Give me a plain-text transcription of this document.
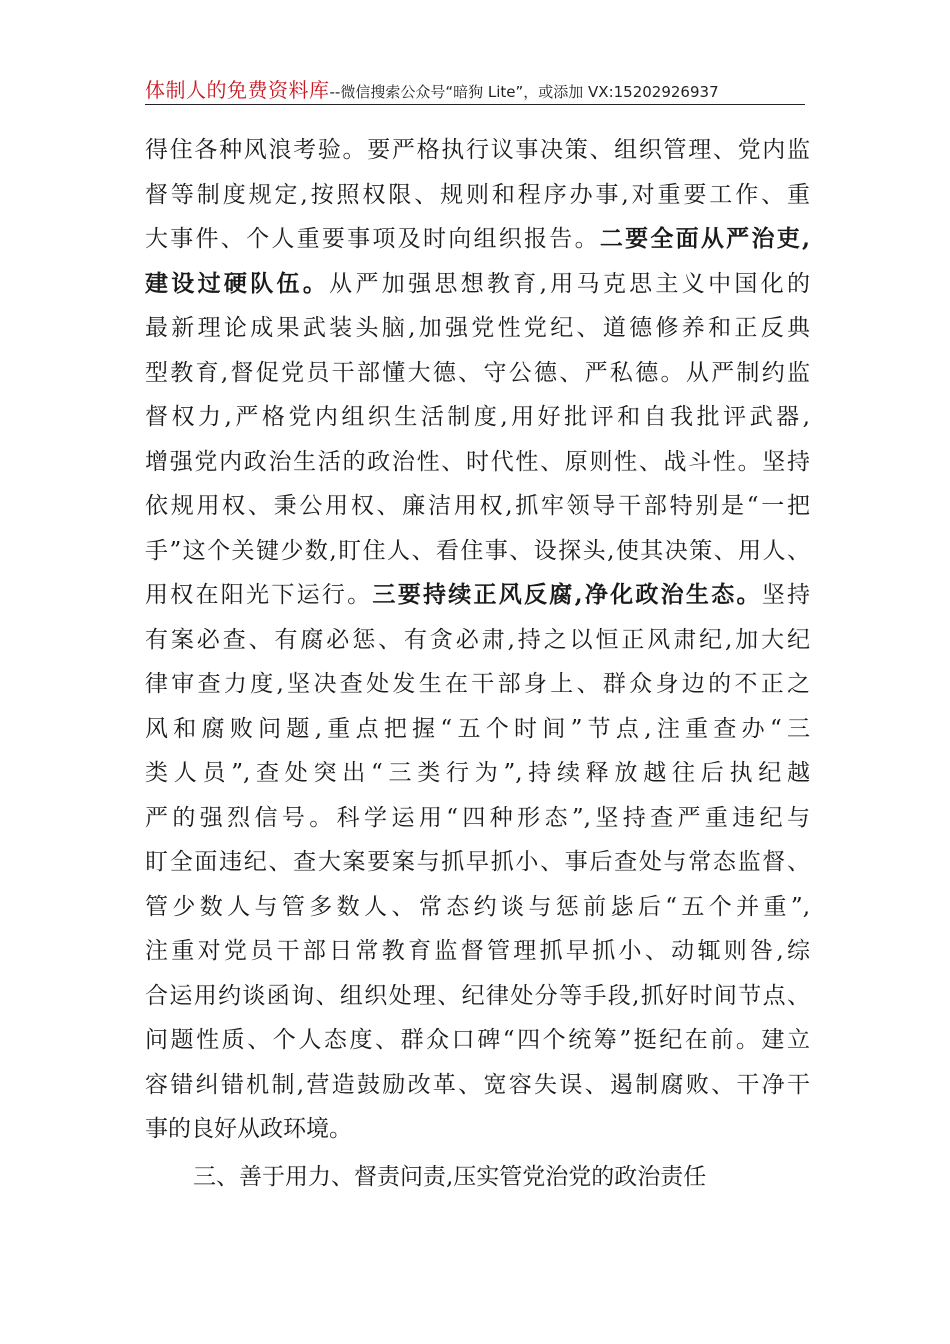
体制人的免费资料库--微信搜索公众号“暗狗 Lite”，或添加 VX:15202926937
得住各种风浪考验。要严格执行议事决策、组织管理、党内监
督等制度规定,按照权限、规则和程序办事,对重要工作、重
大事件、个人重要事项及时向组织报告。二要全面从严治吏,
建设过硬队伍。从严加强思想教育,用马克思主义中国化的
最新理论成果武装头脑,加强党性党纪、道德修养和正反典
型教育,督促党员干部懂大德、守公德、严私德。从严制约监
督权力,严格党内组织生活制度,用好批评和自我批评武器,
增强党内政治生活的政治性、时代性、原则性、战斗性。坚持
依规用权、秉公用权、廉洁用权,抓牢领导干部特别是“一把
手”这个关键少数,盯住人、看住事、设探头,使其决策、用人、
用权在阳光下运行。三要持续正风反腐,净化政治生态。坚持
有案必查、有腐必惩、有贪必肃,持之以恒正风肃纪,加大纪
律审查力度,坚决查处发生在干部身上、群众身边的不正之
风和腐败问题,重点把握“五个时间”节点,注重查办“三
类人员”,查处突出“三类行为”,持续释放越往后执纪越
严的强烈信号。科学运用“四种形态”,坚持查严重违纪与
盯全面违纪、查大案要案与抓早抓小、事后查处与常态监督、
管少数人与管多数人、常态约谈与惩前毖后“五个并重”,
注重对党员干部日常教育监督管理抓早抓小、动辄则咎,综
合运用约谈函询、组织处理、纪律处分等手段,抓好时间节点、
问题性质、个人态度、群众口碑“四个统筹”挺纪在前。建立
容错纠错机制,营造鼓励改革、宽容失误、遏制腐败、干净干
事的良好从政环境。
三、善于用力、督责问责,压实管党治党的政治责任
